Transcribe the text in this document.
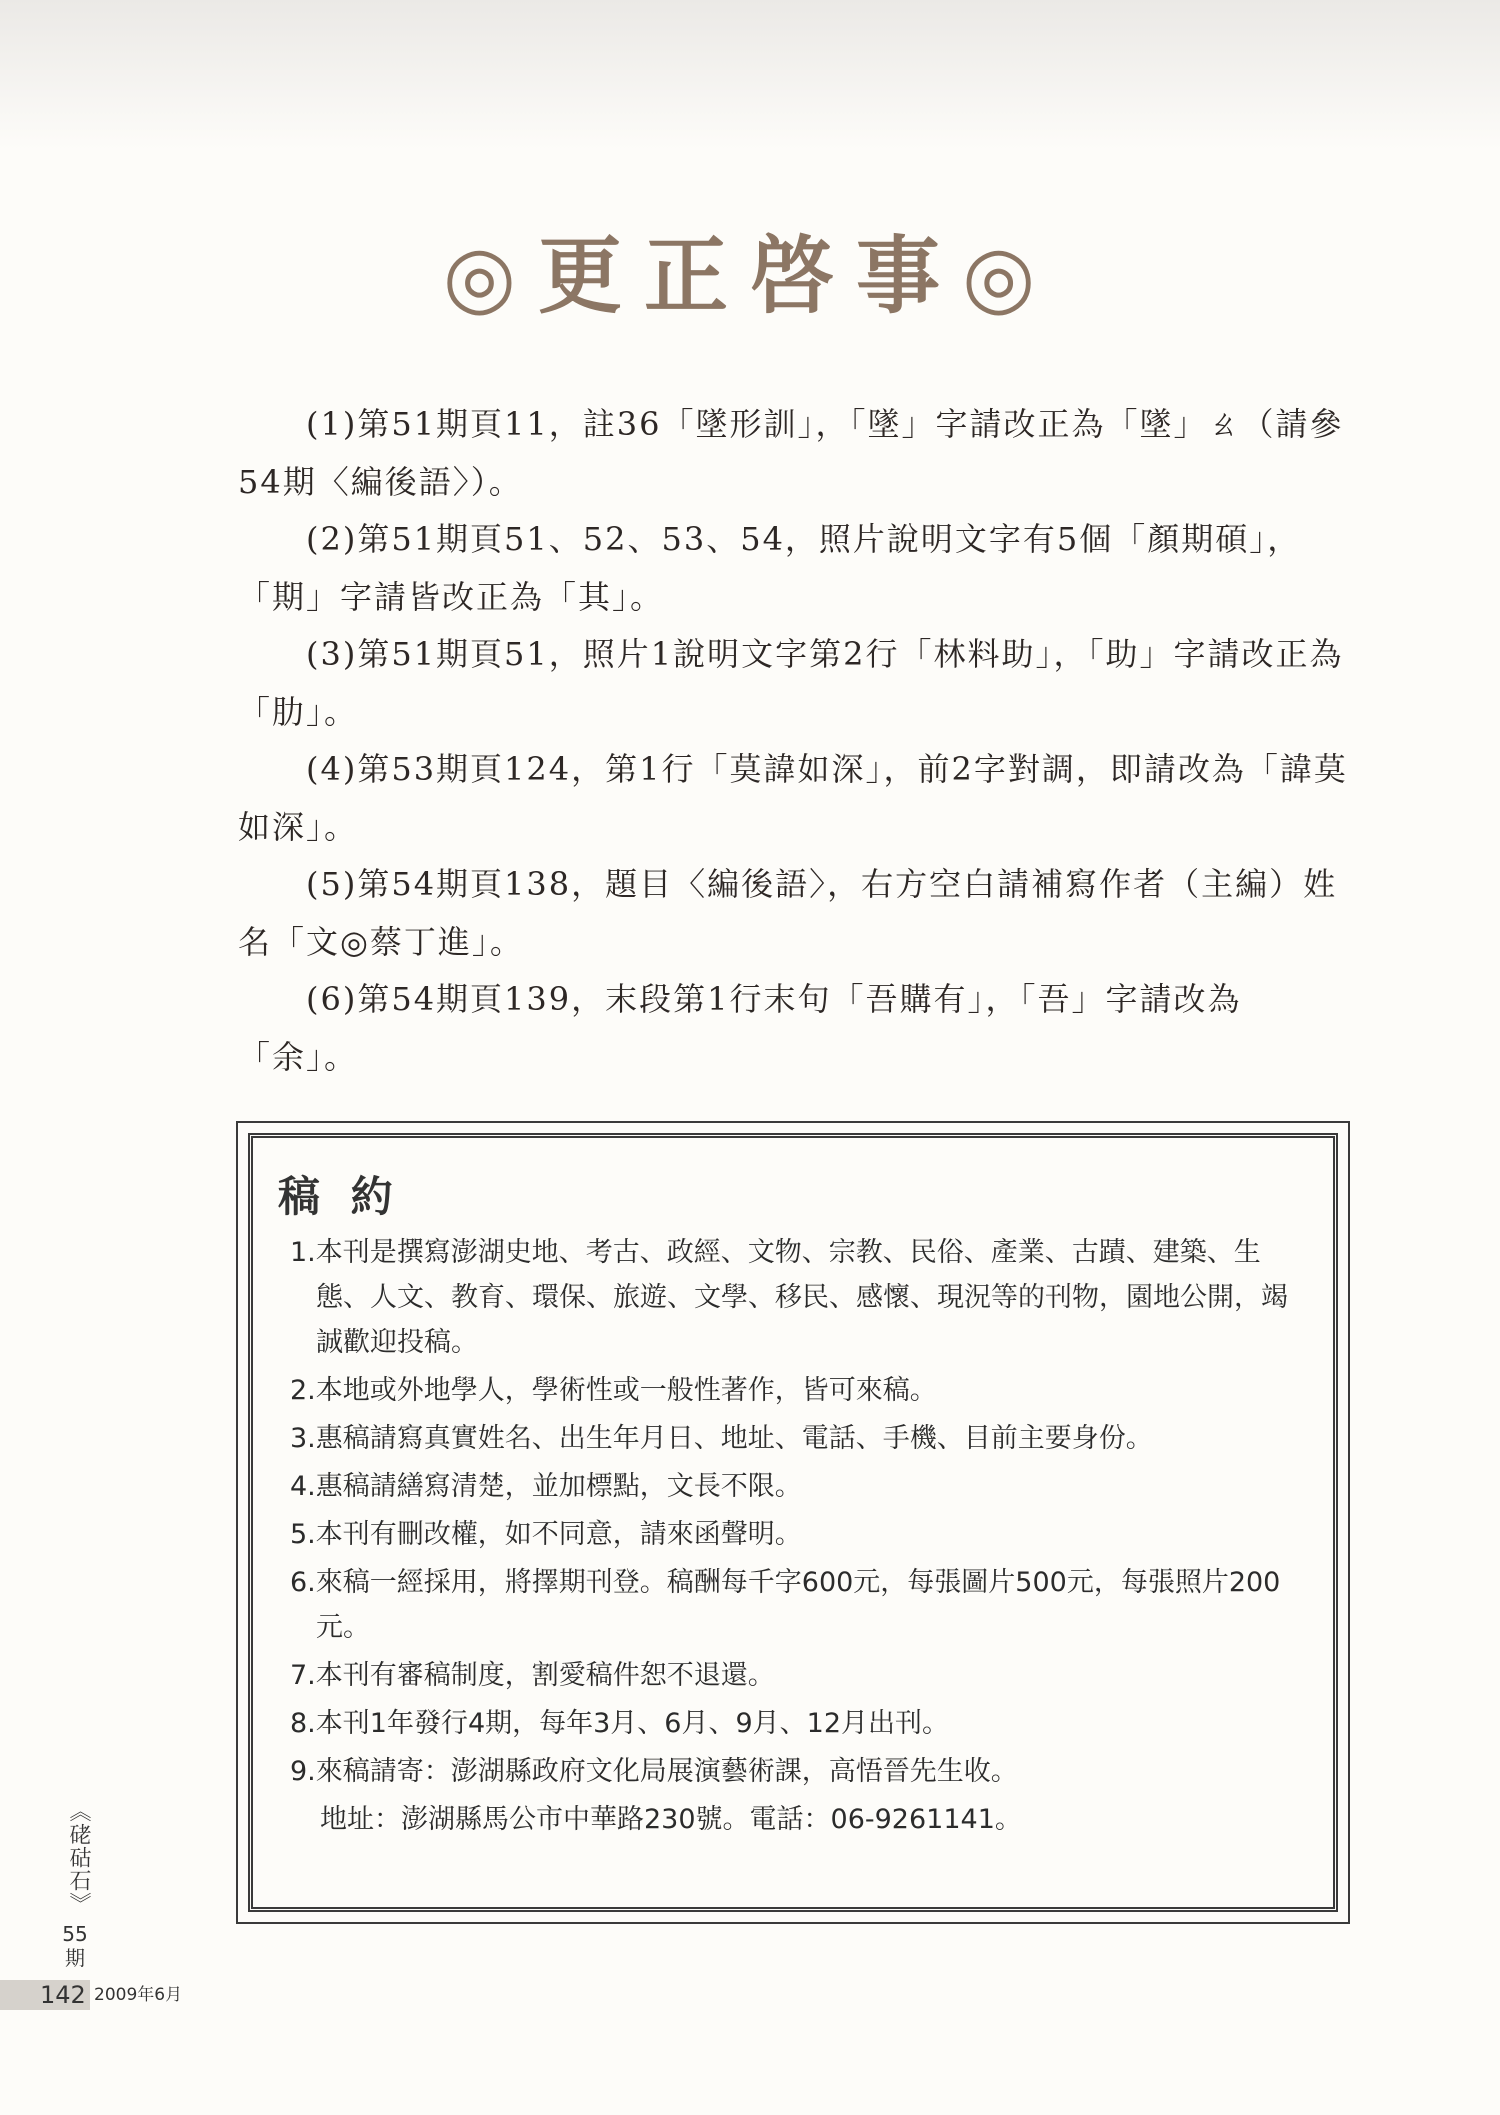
◎更正啓事◎

(1)第51期頁11，註36「墜形訓」，「墜」字請改正為「墜」ㄠ（請參54期〈編後語〉）。

(2)第51期頁51、52、53、54，照片說明文字有5個「顏期碩」，「期」字請皆改正為「其」。

(3)第51期頁51，照片1說明文字第2行「林料助」，「助」字請改正為「肋」。

(4)第53期頁124，第1行「莫諱如深」，前2字對調，即請改為「諱莫如深」。

(5)第54期頁138，題目〈編後語〉，右方空白請補寫作者（主編）姓名「文◎蔡丁進」。

(6)第54期頁139，末段第1行末句「吾購有」，「吾」字請改為「余」。

稿 約
1.本刊是撰寫澎湖史地、考古、政經、文物、宗教、民俗、產業、古蹟、建築、生態、人文、教育、環保、旅遊、文學、移民、感懷、現況等的刊物，園地公開，竭誠歡迎投稿。
2.本地或外地學人，學術性或一般性著作，皆可來稿。
3.惠稿請寫真實姓名、出生年月日、地址、電話、手機、目前主要身份。
4.惠稿請繕寫清楚，並加標點，文長不限。
5.本刊有刪改權，如不同意，請來函聲明。
6.來稿一經採用，將擇期刊登。稿酬每千字600元，每張圖片500元，每張照片200元。
7.本刊有審稿制度，割愛稿件恕不退還。
8.本刊1年發行4期，每年3月、6月、9月、12月出刊。
9.來稿請寄：澎湖縣政府文化局展演藝術課，高悟晉先生收。
地址：澎湖縣馬公市中華路230號。電話：06-9261141。
《硓𥑮石》
55期
142 2009年6月
